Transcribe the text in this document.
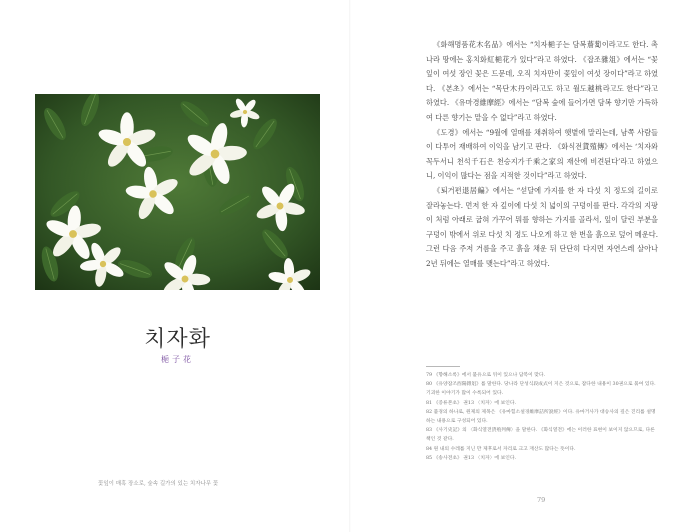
치자화
梔子花
꽃잎이 매혹 장소로, 숲속 길가의 있는 치자나무 꽃

《화해명품花木名品》에서는 “치자梔子는 담복薝蔔이라고도 한다. 촉나라 땅에는 홍치화紅梔花가 있다”라고 하였다. 《잡조雜俎》에서는 “꽃잎이 여섯 장인 꽃은 드문데, 오직 치자만이 꽃잎이 여섯 장이다”라고 하였다. 《본초》에서는 “목단木丹이라고도 하고 월도越桃라고도 한다”라고 하였다. 《유마경維摩經》에서는 “담복 숲에 들어가면 담복 향기만 가득하여 다른 향기는 맡을 수 없다”라고 하였다.

《도경》에서는 “9월에 열매를 채취하여 햇볕에 말리는데, 남쪽 사람들이 다투어 재배하여 이익을 남기고 판다. 《화식전貨殖傳》에서는 ‘치자와 꼭두서니 천석千石은 천승지가千乘之家의 재산에 비견된다’라고 하였으니, 이익이 많다는 점을 지적한 것이다”라고 하였다.

《퇴거편退居編》에서는 “섣달에 가지를 한 자 다섯 치 정도의 길이로 잘라놓는다. 먼저 한 자 깊이에 다섯 치 넓이의 구덩이를 판다. 각각의 지팡이 처럼 아래로 굽혀 가꾸어 뭐를 향하는 가지를 골라서, 잎이 달린 부분을 구덩이 밖에서 위로 다섯 치 정도 나오게 하고 한 번을 흙으로 덮어 메운다. 그런 다음 주저 거름을 주고 흙을 채운 뒤 단단히 다지면 자연스레 살아나 2년 뒤에는 열매를 맺는다”라고 하였다.

79 《향해소록》에서 불유으로 뒤이 있으나 담복이 맞다.
80 《유양잡조酉陽雜俎》를 말한다. 당나라 단성식段成式이 지은 것으로, 잡다한 내용이 30권으로 묶여 있다. 기괴한 이야기가 많이 수록되어 있다.
81 《증류본초》 권13 〈치자〉에 보인다.
82 불경의 하나로, 원제의 제목은 《유마힐소설경維摩詰所說經》이다. 유마거사가 대승사의 깊은 진리를 설명하는 내용으로 구성되어 있다.
83 《사기史記》의 〈화식열전貨殖列傳〉을 말한다. 《화식열전》에는 이러한 표현이 보이지 않으므로, 다른 책인 것 같다.
84 원 내의 수레를 지닌 만 제후로서 자리로 크고 재산도 많다는 뜻이다.
85 《송사전초》 권13 〈치자〉에 보인다.
79
